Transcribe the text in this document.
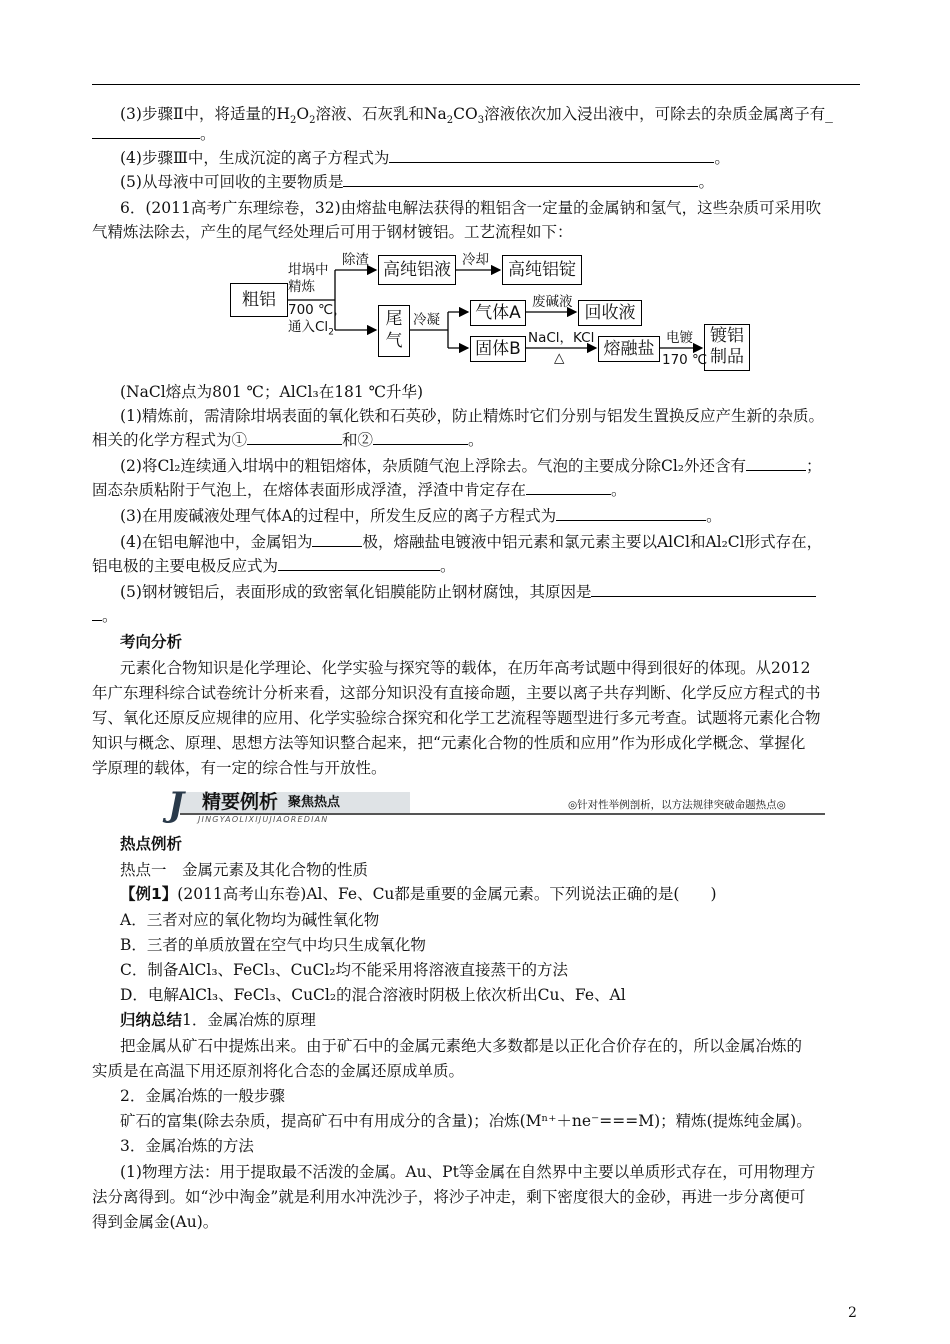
(3)步骤Ⅱ中，将适量的$H_2O_2$溶液、石灰乳和$Na_2CO_3$溶液依次加入浸出液中，可除去的杂质金属离子有_
。
(4)步骤Ⅲ中，生成沉淀的离子方程式为	。
(5)从母液中可回收的主要物质是	。
6．(2011高考广东理综卷，32)由熔盐电解法获得的粗铝含一定量的金属钠和氢气，这些杂质可采用吹
气精炼法除去，产生的尾气经处理后可用于钢材镀铝。工艺流程如下：
粗铝
高纯铝液	高纯铝锭
尾
气
气体A	回收液
固体B	熔融盐
镀铝
制品
坩埚中
精炼
700 ℃，
通入$Cl_2$
除渣	冷却
冷凝
废碱液
NaCl，KCl
△
电镀
170 ℃
(NaCl熔点为801 ℃；AlCl₃在181 ℃升华)
(1)精炼前，需清除坩埚表面的氧化铁和石英砂，防止精炼时它们分别与铝发生置换反应产生新的杂质。
相关的化学方程式为①	和②	。
(2)将Cl₂连续通入坩埚中的粗铝熔体，杂质随气泡上浮除去。气泡的主要成分除Cl₂外还含有	；
固态杂质粘附于气泡上，在熔体表面形成浮渣，浮渣中肯定存在	。
(3)在用废碱液处理气体A的过程中，所发生反应的离子方程式为	。
(4)在铝电解池中，金属铝为	极，熔融盐电镀液中铝元素和氯元素主要以AlCl和Al₂Cl形式存在，
铝电极的主要电极反应式为	。
(5)钢材镀铝后，表面形成的致密氧化铝膜能防止钢材腐蚀，其原因是
。
考向分析
元素化合物知识是化学理论、化学实验与探究等的载体，在历年高考试题中得到很好的体现。从2012
年广东理科综合试卷统计分析来看，这部分知识没有直接命题，主要以离子共存判断、化学反应方程式的书
写、氧化还原反应规律的应用、化学实验综合探究和化学工艺流程等题型进行多元考查。试题将元素化合物
知识与概念、原理、思想方法等知识整合起来，把“元素化合物的性质和应用”作为形成化学概念、掌握化
学原理的载体，有一定的综合性与开放性。
J 精要例析 聚焦热点
JINGYAOLIXIJUJIAOREDIAN
◎针对性举例剖析，以方法规律突破命题热点◎
热点例析
热点一　金属元素及其化合物的性质
【例1】(2011高考山东卷)Al、Fe、Cu都是重要的金属元素。下列说法正确的是(　　)
A．三者对应的氧化物均为碱性氧化物
B．三者的单质放置在空气中均只生成氧化物
C．制备AlCl₃、FeCl₃、CuCl₂均不能采用将溶液直接蒸干的方法
D．电解AlCl₃、FeCl₃、CuCl₂的混合溶液时阴极上依次析出Cu、Fe、Al
归纳总结1．金属冶炼的原理
把金属从矿石中提炼出来。由于矿石中的金属元素绝大多数都是以正化合价存在的，所以金属冶炼的
实质是在高温下用还原剂将化合态的金属还原成单质。
2．金属冶炼的一般步骤
矿石的富集(除去杂质，提高矿石中有用成分的含量)；冶炼(Mⁿ⁺＋ne⁻===M)；精炼(提炼纯金属)。
3．金属冶炼的方法
(1)物理方法：用于提取最不活泼的金属。Au、Pt等金属在自然界中主要以单质形式存在，可用物理方
法分离得到。如“沙中淘金”就是利用水冲洗沙子，将沙子冲走，剩下密度很大的金砂，再进一步分离便可
得到金属金(Au)。
2
